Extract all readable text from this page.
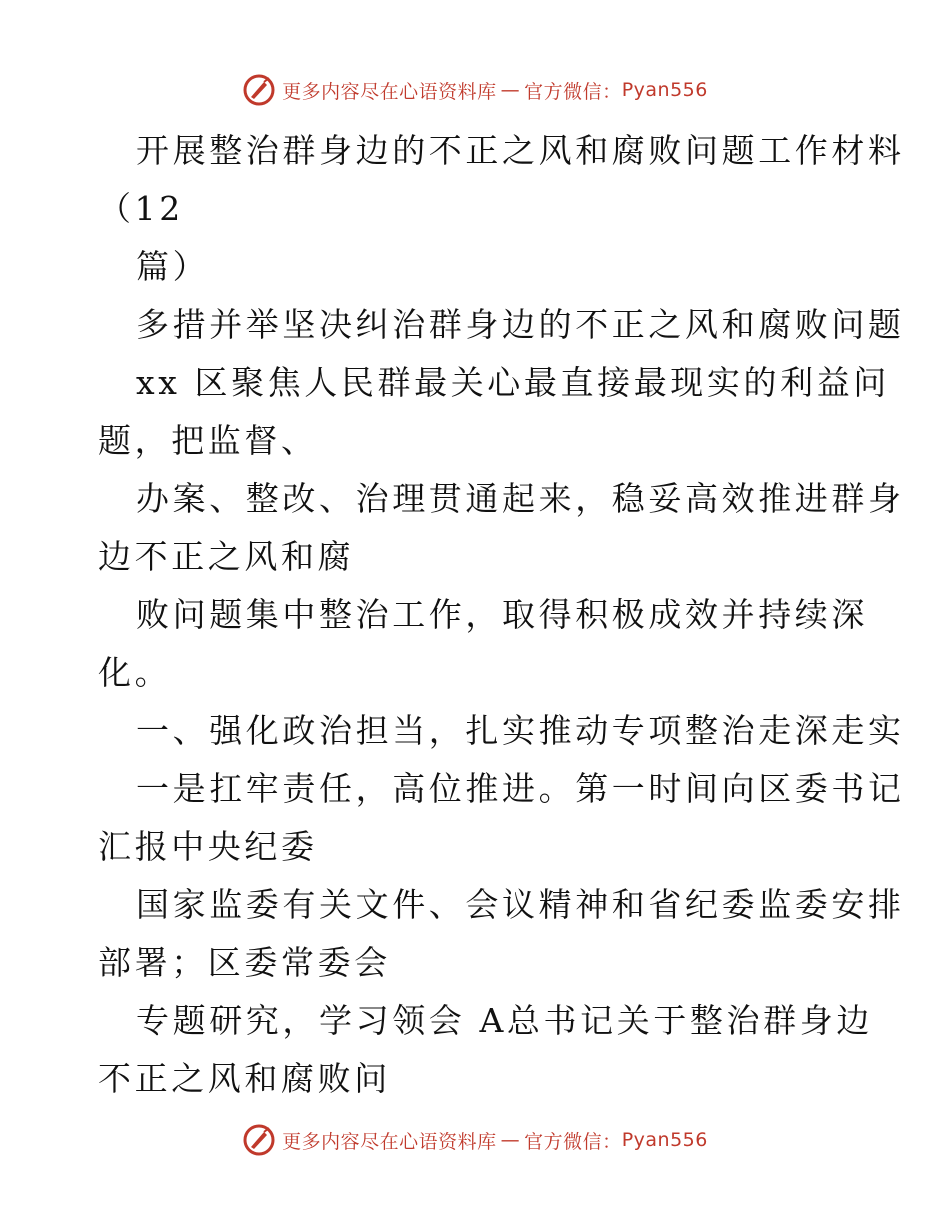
更多内容尽在心语资料库 — 官方微信： Pyan556
开展整治群身边的不正之风和腐败问题工作材料
（12
篇）
多措并举坚决纠治群身边的不正之风和腐败问题
xx 区聚焦人民群最关心最直接最现实的利益问
题，把监督、
办案、整改、治理贯通起来，稳妥高效推进群身
边不正之风和腐
败问题集中整治工作，取得积极成效并持续深
化。
一、强化政治担当，扎实推动专项整治走深走实
一是扛牢责任，高位推进。第一时间向区委书记
汇报中央纪委
国家监委有关文件、会议精神和省纪委监委安排
部署；区委常委会
专题研究，学习领会 A总书记关于整治群身边
不正之风和腐败问
更多内容尽在心语资料库 — 官方微信： Pyan556
